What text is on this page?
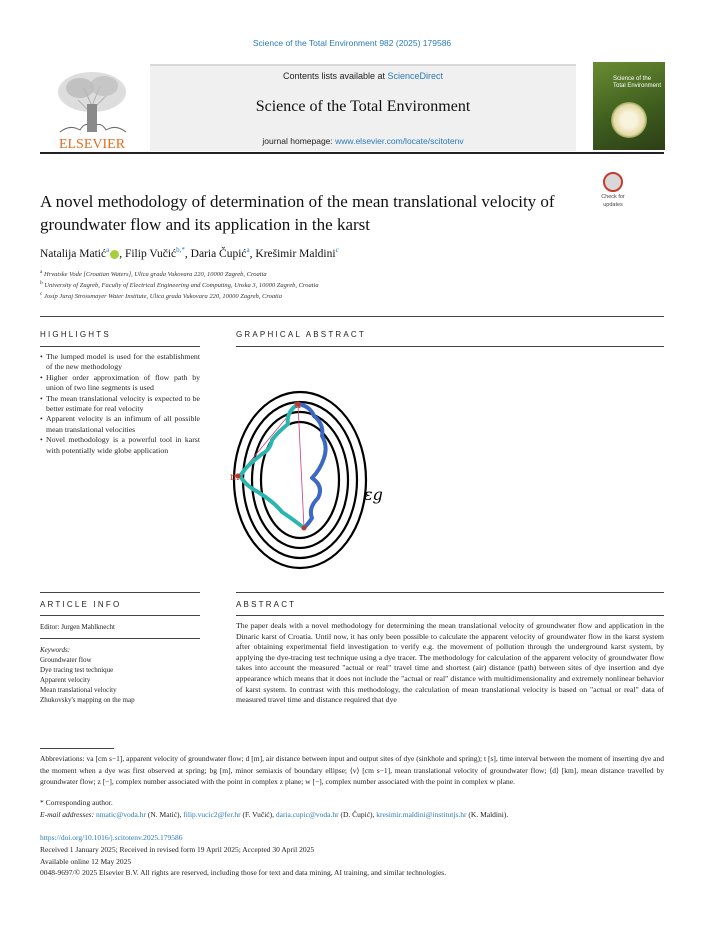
Science of the Total Environment 982 (2025) 179586
ELSEVIER
Contents lists available at ScienceDirect
Science of the Total Environment
journal homepage: www.elsevier.com/locate/scitotenv
Science of the Total Environment
A novel methodology of determination of the mean translational velocity of groundwater flow and its application in the karst
Check for
updates
Natalija Matić$^a$ , Filip Vučić$^{b,*}$, Daria Čupić$^a$, Krešimir Maldini$^c$
$^a$ Hrvatske Vode [Croatian Waters], Ulica grada Vukovara 220, 10000 Zagreb, Croatia
$^b$ University of Zagreb, Faculty of Electrical Engineering and Computing, Unska 3, 10000 Zagreb, Croatia
$^c$ Josip Juraj Strossmayer Water Institute, Ulica grada Vukovara 220, 10000 Zagreb, Croatia
HIGHLIGHTS
• The lumped model is used for the establishment of the new methodology
• Higher order approximation of flow path by union of two line segments is used
• The mean translational velocity is expected to be better estimate for real velocity
• Apparent velocity is an infimum of all possible mean translational velocities
• Novel methodology is a powerful tool in karst with potentially wide globe application
GRAPHICAL ABSTRACT
u
m
εg
ARTICLE INFO
Editor: Jurgen Mahlknecht
Keywords:
Groundwater flow
Dye tracing test technique
Apparent velocity
Mean translational velocity
Zhukovsky's mapping on the map
ABSTRACT
The paper deals with a novel methodology for determining the mean translational velocity of groundwater flow and application in the Dinaric karst of Croatia. Until now, it has only been possible to calculate the apparent velocity of groundwater flow in the karst system after obtaining experimental field investigation to verify e.g. the movement of pollution through the underground karst system, by applying the dye-tracing test technique using a dye tracer. The methodology for calculation of the apparent velocity of groundwater flow takes into account the measured "actual or real" travel time and shortest (air) distance (path) between sites of dye insertion and dye appearance which means that it does not include the "actual or real" distance with multidimensionality and extremely nonlinear behavior of karst system. In contrast with this methodology, the calculation of mean translational velocity is based on "actual or real" data of measured travel time and distance required that dye
Abbreviations: va [cm s−1], apparent velocity of groundwater flow; d [m], air distance between input and output sites of dye (sinkhole and spring); t [s], time interval between the moment of inserting dye and the moment when a dye was first observed at spring; bg [m], minor semiaxis of boundary ellipse; ⟨v⟩ [cm s−1], mean translational velocity of groundwater flow; ⟨d⟩ [km], mean distance travelled by groundwater flow; z [−], complex number associated with the point in complex z plane; w [−], complex number associated with the point in complex w plane.
* Corresponding author.
E-mail addresses: nmatic@voda.hr (N. Matić), filip.vucic2@fer.hr (F. Vučić), daria.cupic@voda.hr (D. Čupić), kresimir.maldini@institutjs.hr (K. Maldini).
https://doi.org/10.1016/j.scitotenv.2025.179586
Received 1 January 2025; Received in revised form 19 April 2025; Accepted 30 April 2025
Available online 12 May 2025
0048-9697/© 2025 Elsevier B.V. All rights are reserved, including those for text and data mining, AI training, and similar technologies.
